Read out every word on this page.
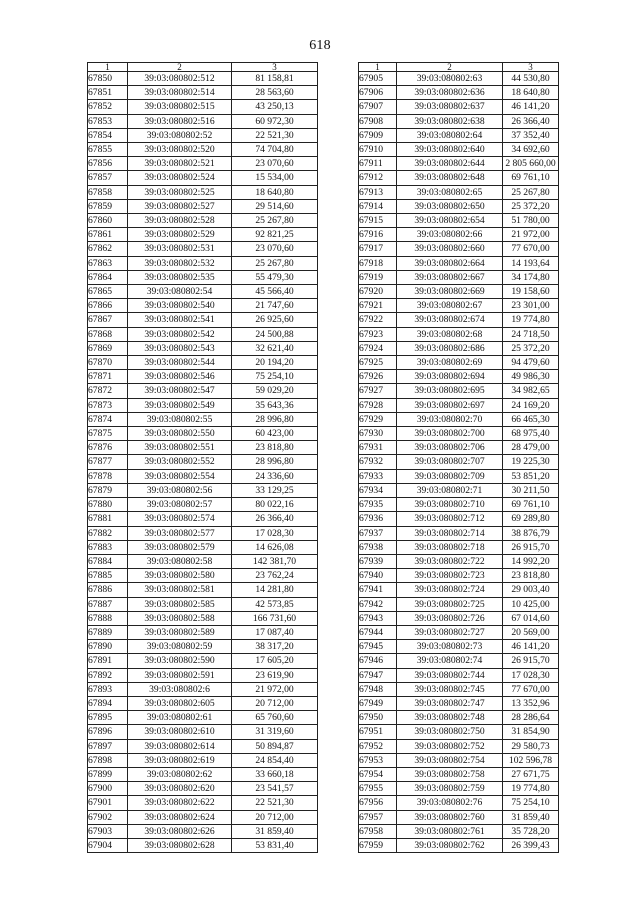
618
1	2	3
67850	39:03:080802:512	81 158,81
67851	39:03:080802:514	28 563,60
67852	39:03:080802:515	43 250,13
67853	39:03:080802:516	60 972,30
67854	39:03:080802:52	22 521,30
67855	39:03:080802:520	74 704,80
67856	39:03:080802:521	23 070,60
67857	39:03:080802:524	15 534,00
67858	39:03:080802:525	18 640,80
67859	39:03:080802:527	29 514,60
67860	39:03:080802:528	25 267,80
67861	39:03:080802:529	92 821,25
67862	39:03:080802:531	23 070,60
67863	39:03:080802:532	25 267,80
67864	39:03:080802:535	55 479,30
67865	39:03:080802:54	45 566,40
67866	39:03:080802:540	21 747,60
67867	39:03:080802:541	26 925,60
67868	39:03:080802:542	24 500,88
67869	39:03:080802:543	32 621,40
67870	39:03:080802:544	20 194,20
67871	39:03:080802:546	75 254,10
67872	39:03:080802:547	59 029,20
67873	39:03:080802:549	35 643,36
67874	39:03:080802:55	28 996,80
67875	39:03:080802:550	60 423,00
67876	39:03:080802:551	23 818,80
67877	39:03:080802:552	28 996,80
67878	39:03:080802:554	24 336,60
67879	39:03:080802:56	33 129,25
67880	39:03:080802:57	80 022,16
67881	39:03:080802:574	26 366,40
67882	39:03:080802:577	17 028,30
67883	39:03:080802:579	14 626,08
67884	39:03:080802:58	142 381,70
67885	39:03:080802:580	23 762,24
67886	39:03:080802:581	14 281,80
67887	39:03:080802:585	42 573,85
67888	39:03:080802:588	166 731,60
67889	39:03:080802:589	17 087,40
67890	39:03:080802:59	38 317,20
67891	39:03:080802:590	17 605,20
67892	39:03:080802:591	23 619,90
67893	39:03:080802:6	21 972,00
67894	39:03:080802:605	20 712,00
67895	39:03:080802:61	65 760,60
67896	39:03:080802:610	31 319,60
67897	39:03:080802:614	50 894,87
67898	39:03:080802:619	24 854,40
67899	39:03:080802:62	33 660,18
67900	39:03:080802:620	23 541,57
67901	39:03:080802:622	22 521,30
67902	39:03:080802:624	20 712,00
67903	39:03:080802:626	31 859,40
67904	39:03:080802:628	53 831,40
1	2	3
67905	39:03:080802:63	44 530,80
67906	39:03:080802:636	18 640,80
67907	39:03:080802:637	46 141,20
67908	39:03:080802:638	26 366,40
67909	39:03:080802:64	37 352,40
67910	39:03:080802:640	34 692,60
67911	39:03:080802:644	2 805 660,00
67912	39:03:080802:648	69 761,10
67913	39:03:080802:65	25 267,80
67914	39:03:080802:650	25 372,20
67915	39:03:080802:654	51 780,00
67916	39:03:080802:66	21 972,00
67917	39:03:080802:660	77 670,00
67918	39:03:080802:664	14 193,64
67919	39:03:080802:667	34 174,80
67920	39:03:080802:669	19 158,60
67921	39:03:080802:67	23 301,00
67922	39:03:080802:674	19 774,80
67923	39:03:080802:68	24 718,50
67924	39:03:080802:686	25 372,20
67925	39:03:080802:69	94 479,60
67926	39:03:080802:694	49 986,30
67927	39:03:080802:695	34 982,65
67928	39:03:080802:697	24 169,20
67929	39:03:080802:70	66 465,30
67930	39:03:080802:700	68 975,40
67931	39:03:080802:706	28 479,00
67932	39:03:080802:707	19 225,30
67933	39:03:080802:709	53 851,20
67934	39:03:080802:71	30 211,50
67935	39:03:080802:710	69 761,10
67936	39:03:080802:712	69 289,80
67937	39:03:080802:714	38 876,79
67938	39:03:080802:718	26 915,70
67939	39:03:080802:722	14 992,20
67940	39:03:080802:723	23 818,80
67941	39:03:080802:724	29 003,40
67942	39:03:080802:725	10 425,00
67943	39:03:080802:726	67 014,60
67944	39:03:080802:727	20 569,00
67945	39:03:080802:73	46 141,20
67946	39:03:080802:74	26 915,70
67947	39:03:080802:744	17 028,30
67948	39:03:080802:745	77 670,00
67949	39:03:080802:747	13 352,96
67950	39:03:080802:748	28 286,64
67951	39:03:080802:750	31 854,90
67952	39:03:080802:752	29 580,73
67953	39:03:080802:754	102 596,78
67954	39:03:080802:758	27 671,75
67955	39:03:080802:759	19 774,80
67956	39:03:080802:76	75 254,10
67957	39:03:080802:760	31 859,40
67958	39:03:080802:761	35 728,20
67959	39:03:080802:762	26 399,43
